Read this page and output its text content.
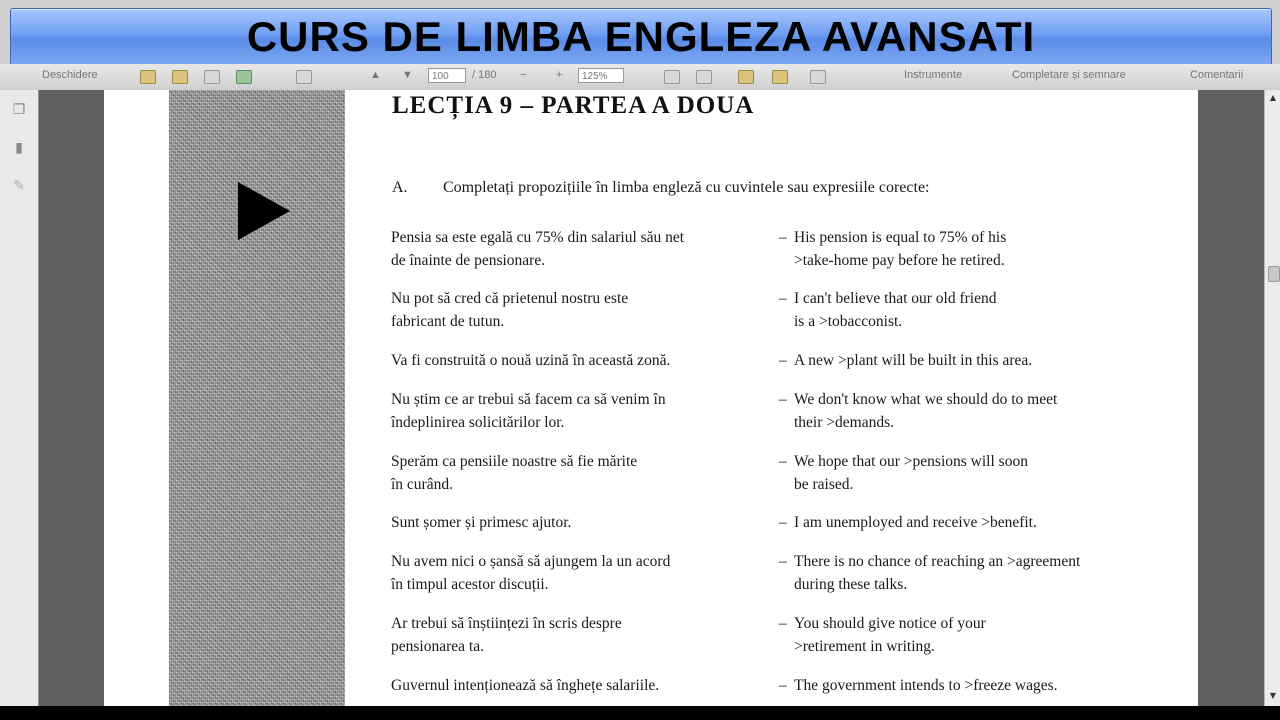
CURS DE LIMBA ENGLEZA AVANSATI
Deschidere	▲ ▼	100	/ 180 −	+	125%	Instrumente	Completare și semnare	Comentarii
❐
▮
✎
LECȚIA 9 – PARTEA A DOUA
A. Completați propozițiile în limba engleză cu cuvintele sau expresiile corecte:
Pensia sa este egală cu 75% din salariul său net
de înainte de pensionare.
– His pension is equal to 75% of his
>take-home pay before he retired.
Nu pot să cred că prietenul nostru este
fabricant de tutun.
– I can't believe that our old friend
is a >tobacconist.
Va fi construită o nouă uzină în această zonă.	– A new >plant will be built in this area.
Nu știm ce ar trebui să facem ca să venim în
îndeplinirea solicitărilor lor.
– We don't know what we should do to meet
their >demands.
Sperăm ca pensiile noastre să fie mărite
în curând.
– We hope that our >pensions will soon
be raised.
Sunt șomer și primesc ajutor.	– I am unemployed and receive >benefit.
Nu avem nici o șansă să ajungem la un acord
în timpul acestor discuții.
– There is no chance of reaching an >agreement
during these talks.
Ar trebui să înștiințezi în scris despre
pensionarea ta.
– You should give notice of your
>retirement in writing.
Guvernul intenționează să înghețe salariile.	– The government intends to >freeze wages.
▲
▼
